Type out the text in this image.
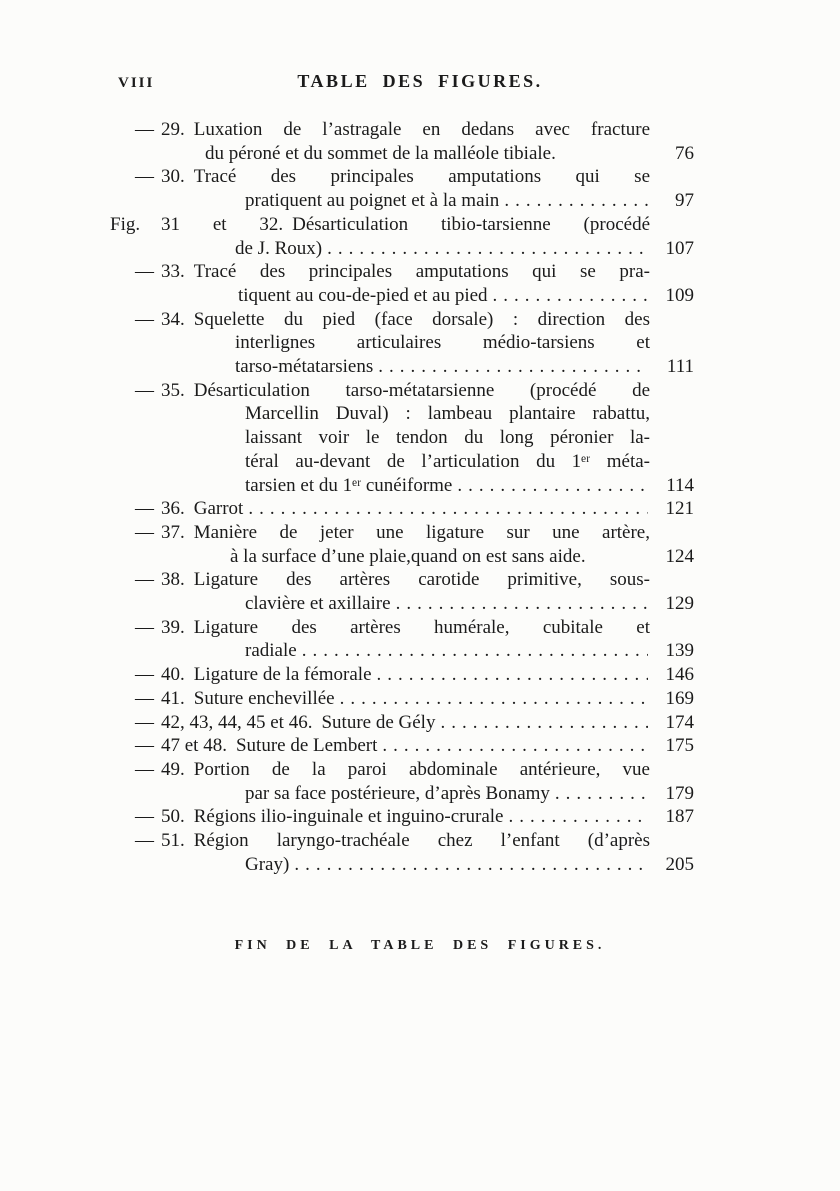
VIII	TABLE DES FIGURES.
— 29. Luxation de l’astragale en dedans avec fracture
du péroné et du sommet de la malléole tibiale.	76
— 30. Tracé des principales amputations qui se
pratiquent au poignet et à la main .....	97
Fig. 31 et 32. Désarticulation tibio-tarsienne (procédé
de J. Roux) .....	107
— 33. Tracé des principales amputations qui se pra-
tiquent au cou-de-pied et au pied .....	109
— 34. Squelette du pied (face dorsale) : direction des
interlignes articulaires médio-tarsiens et
tarso-métatarsiens .....	111
— 35. Désarticulation tarso-métatarsienne (procédé de
Marcellin Duval) : lambeau plantaire rabattu,
laissant voir le tendon du long péronier la-
téral au-devant de l’articulation du 1ᵉʳ méta-
tarsien et du 1ᵉʳ cunéiforme .....	114
— 36. Garrot .....	121
— 37. Manière de jeter une ligature sur une artère,
à la surface d’une plaie,quand on est sans aide.	124
— 38. Ligature des artères carotide primitive, sous-
clavière et axillaire .....	129
— 39. Ligature des artères humérale, cubitale et
radiale .....	139
— 40. Ligature de la fémorale .....	146
— 41. Suture enchevillée .....	169
— 42, 43, 44, 45 et 46. Suture de Gély .....	174
— 47 et 48. Suture de Lembert .....	175
— 49. Portion de la paroi abdominale antérieure, vue
par sa face postérieure, d’après Bonamy .....	179
— 50. Régions ilio-inguinale et inguino-crurale .....	187
— 51. Région laryngo-trachéale chez l’enfant (d’après
Gray) .....	205
FIN DE LA TABLE DES FIGURES.
